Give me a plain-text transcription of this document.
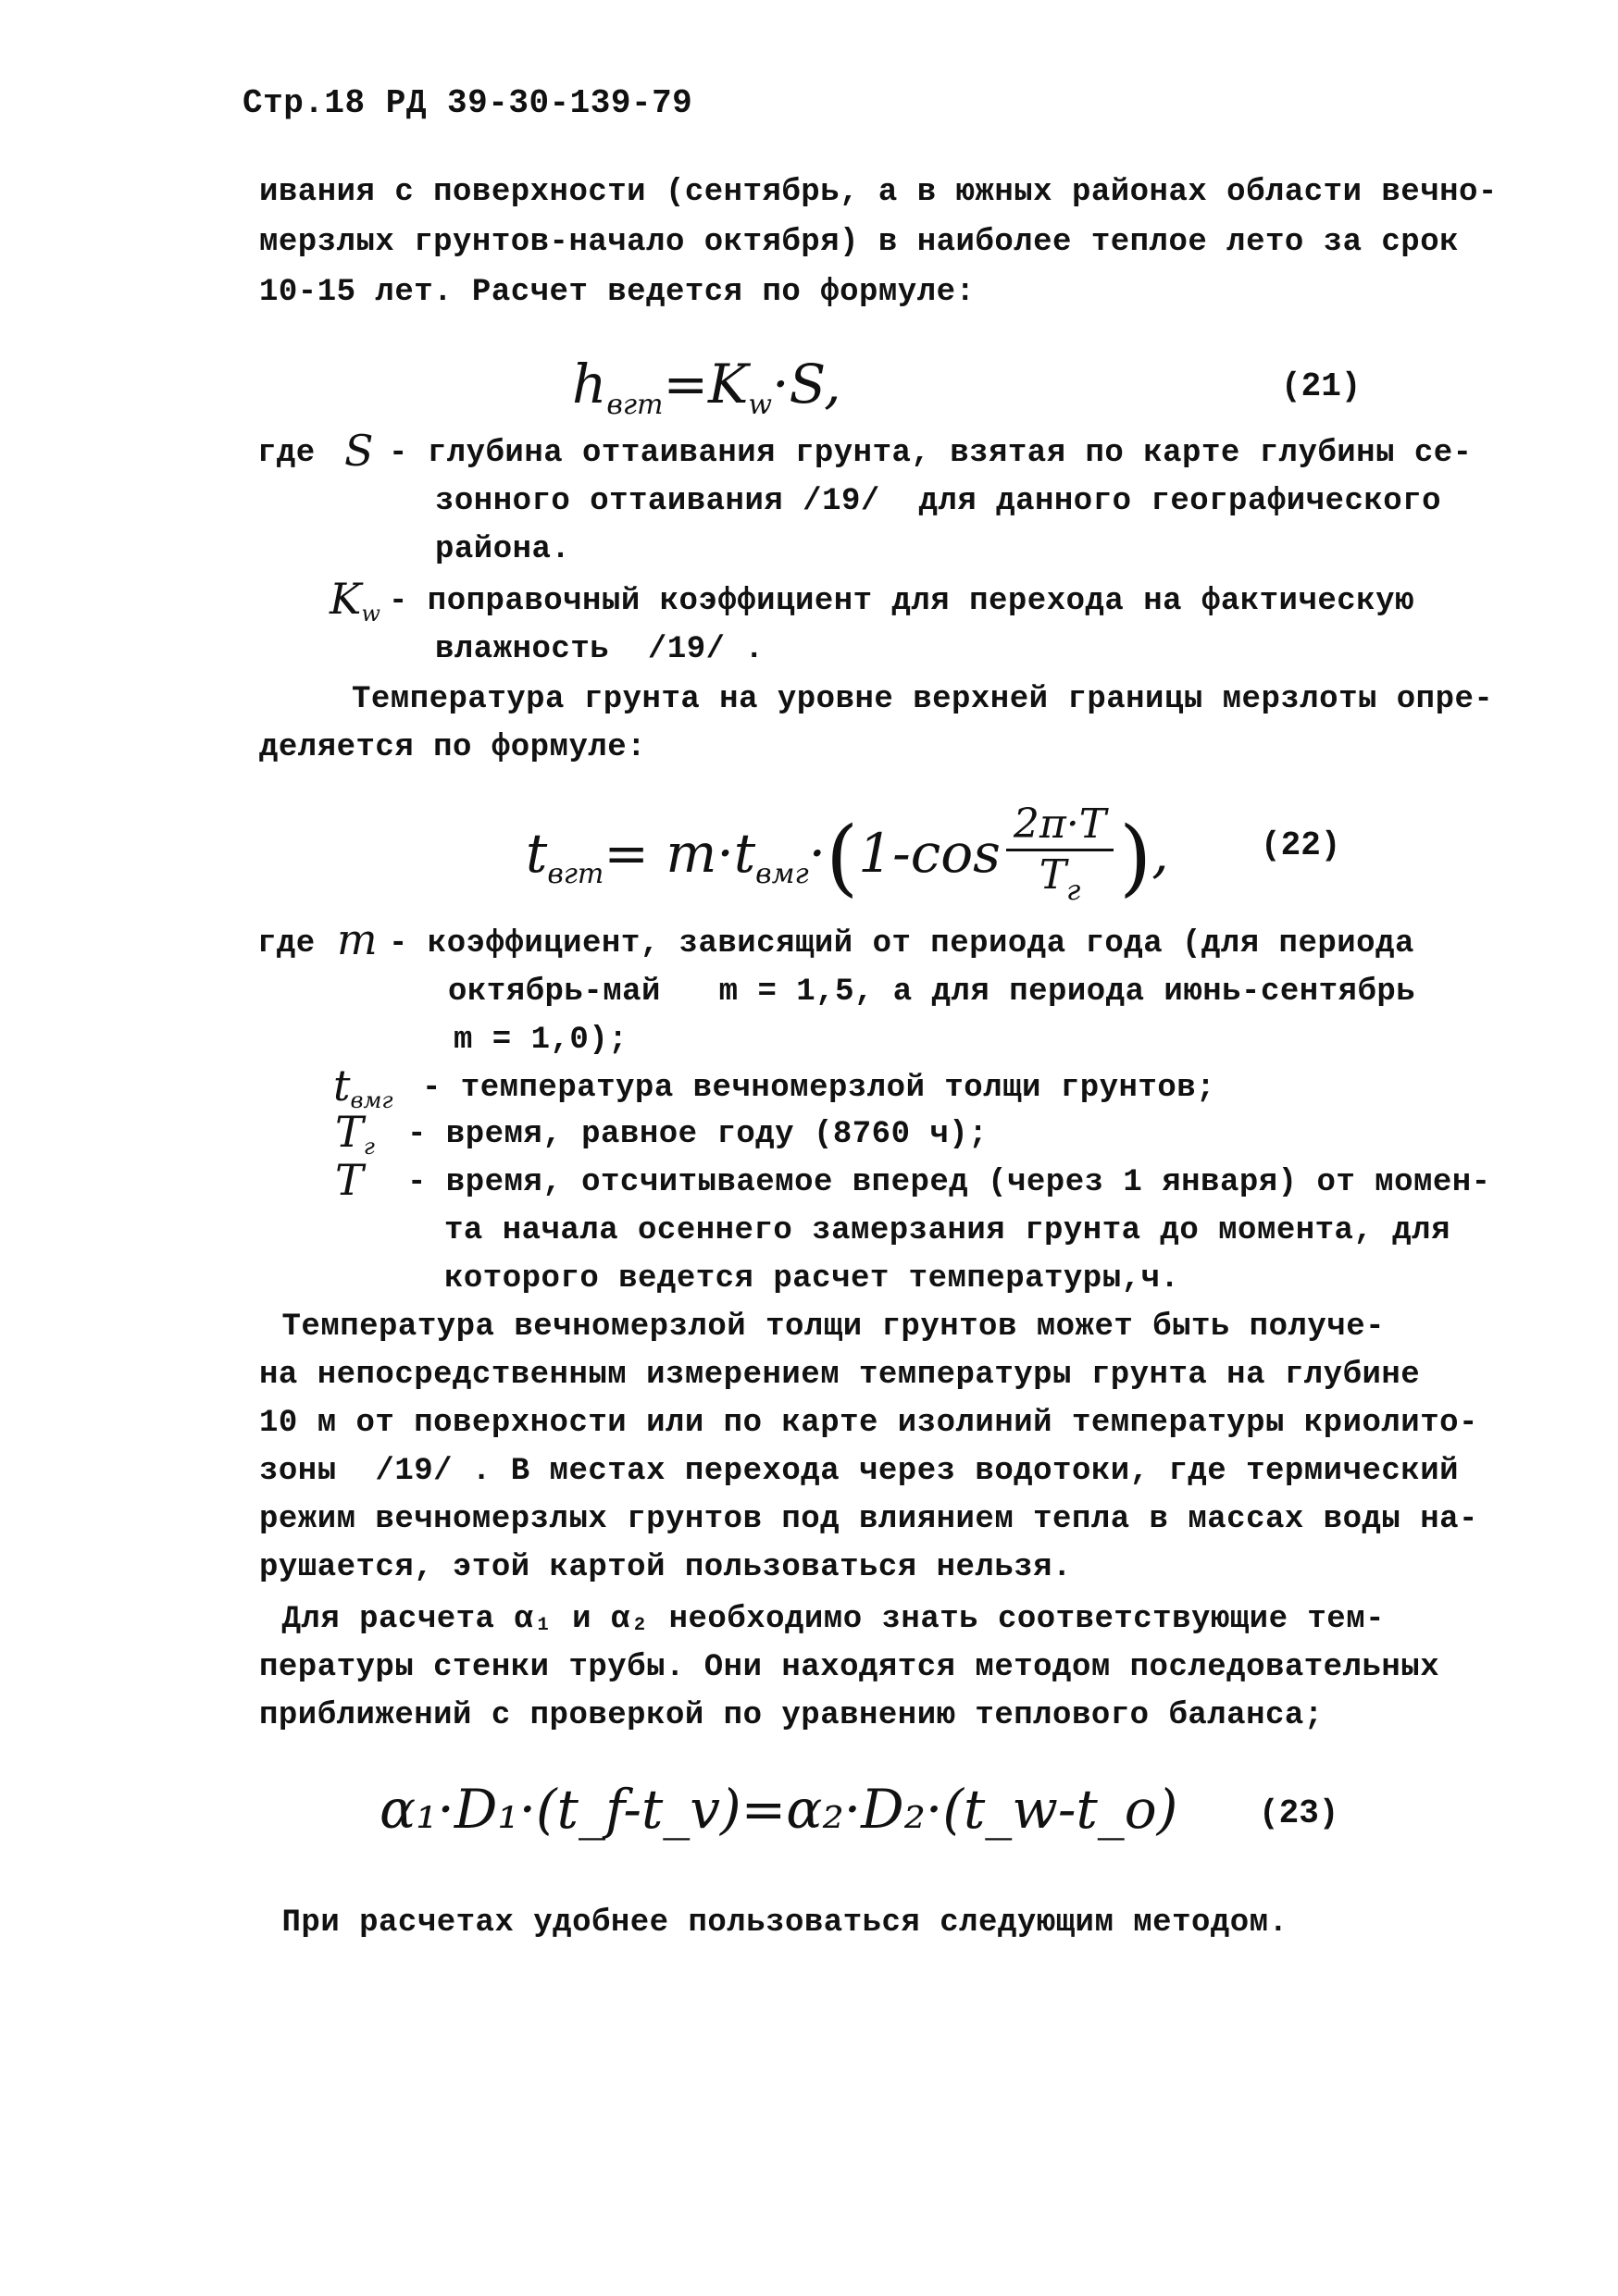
Стр.18 РД 39-30-139-79
ивания с поверхности (сентябрь, а в южных районах области вечно-
мерзлых грунтов-начало октября) в наиболее теплое лето за срок
10-15 лет. Расчет ведется по формуле:
$h_{вгт}=K_w\cdot S$,	(21)
где S - глубина оттаивания грунта, взятая по карте глубины се-
зонного оттаивания /19/  для данного географического
района.
$K_w$ - поправочный коэффициент для перехода на фактическую
влажность  /19/ .
Температура грунта на уровне верхней границы мерзлоты опре-
деляется по формуле:
$t_{вгт}= m\cdot t_{вмг}\cdot(1-\cos \frac{2\pi\cdot T}{T_г}$ ),	(22)
где m - коэффициент, зависящий от периода года (для периода
октябрь-май   m = 1,5, а для периода июнь-сентябрь
m = 1,0);
$t_{вмг}$ - температура вечномерзлой толщи грунтов;
$T_г$ - время, равное году (8760 ч);
T - время, отсчитываемое вперед (через 1 января) от момен-
та начала осеннего замерзания грунта до момента, для
которого ведется расчет температуры,ч.
Температура вечномерзлой толщи грунтов может быть получе-
на непосредственным измерением температуры грунта на глубине
10 м от поверхности или по карте изолиний температуры криолито-
зоны  /19/ . В местах перехода через водотоки, где термический
режим вечномерзлых грунтов под влиянием тепла в массах воды на-
рушается, этой картой пользоваться нельзя.
Для расчета α₁ и α₂ необходимо знать соответствующие тем-
пературы стенки трубы. Они находятся методом последовательных
приближений с проверкой по уравнению теплового баланса;
α₁·D₁·(t_f-t_v)=α₂·D₂·(t_w-t_o) (23)
При расчетах удобнее пользоваться следующим методом.
